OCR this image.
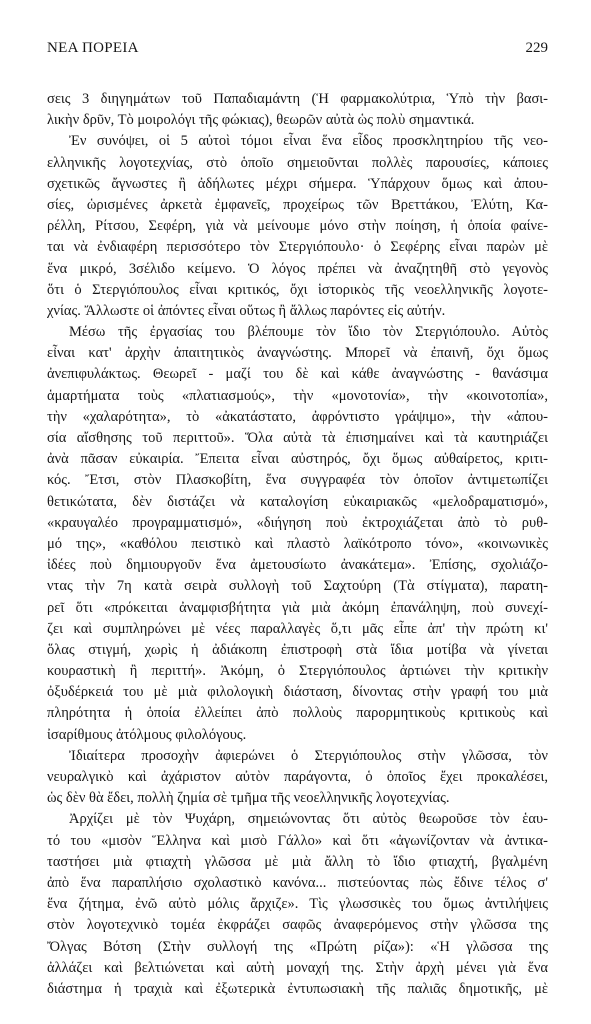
ΝΕΑ ΠΟΡΕΙΑ	229
σεις 3 διηγημάτων τοῦ Παπαδιαμάντη (Ἡ φαρμακολύτρια, Ὑπὸ τὴν βασι-
λικὴν δρῦν, Τὸ μοιρολόγι τῆς φώκιας), θεωρῶν αὐτὰ ὡς πολὺ σημαντικά.
Ἐν συνόψει, οἱ 5 αὐτοὶ τόμοι εἶναι ἕνα εἶδος προσκλητηρίου τῆς νεο-
ελληνικῆς λογοτεχνίας, στὸ ὁποῖο σημειοῦνται πολλὲς παρουσίες, κάποιες
σχετικῶς ἄγνωστες ἢ ἀδήλωτες μέχρι σήμερα. Ὑπάρχουν ὅμως καὶ ἀπου-
σίες, ὡρισμένες ἀρκετὰ ἐμφανεῖς, προχείρως τῶν Βρεττάκου, Ἐλύτη, Κα-
ρέλλη, Ρίτσου, Σεφέρη, γιὰ νὰ μείνουμε μόνο στὴν ποίηση, ἡ ὁποία φαίνε-
ται νὰ ἐνδιαφέρη περισσότερο τὸν Στεργιόπουλο· ὁ Σεφέρης εἶναι παρὼν μὲ
ἕνα μικρό, 3σέλιδο κείμενο. Ὁ λόγος πρέπει νὰ ἀναζητηθῆ στὸ γεγονὸς
ὅτι ὁ Στεργιόπουλος εἶναι κριτικός, ὄχι ἱστορικὸς τῆς νεοελληνικῆς λογοτε-
χνίας. Ἄλλωστε οἱ ἀπόντες εἶναι οὕτως ἢ ἄλλως παρόντες εἰς αὐτήν.
Μέσω τῆς ἐργασίας του βλέπουμε τὸν ἴδιο τὸν Στεργιόπουλο. Αὐτὸς
εἶναι κατ' ἀρχὴν ἀπαιτητικὸς ἀναγνώστης. Μπορεῖ νὰ ἐπαινῆ, ὄχι ὅμως
ἀνεπιφυλάκτως. Θεωρεῖ - μαζί του δὲ καὶ κάθε ἀναγνώστης - θανάσιμα
ἁμαρτήματα τοὺς «πλατιασμούς», τὴν «μονοτονία», τὴν «κοινοτοπία»,
τὴν «χαλαρότητα», τὸ «ἀκατάστατο, ἀφρόντιστο γράψιμο», τὴν «ἀπου-
σία αἴσθησης τοῦ περιττοῦ». Ὅλα αὐτὰ τὰ ἐπισημαίνει καὶ τὰ καυτηριάζει
ἀνὰ πᾶσαν εὐκαιρία. Ἔπειτα εἶναι αὐστηρός, ὄχι ὅμως αὐθαίρετος, κριτι-
κός. Ἔτσι, στὸν Πλασκοβίτη, ἕνα συγγραφέα τὸν ὁποῖον ἀντιμετωπίζει
θετικώτατα, δὲν διστάζει νὰ καταλογίση εὐκαιριακῶς «μελοδραματισμό»,
«κραυγαλέο προγραμματισμό», «διήγηση ποὺ ἐκτροχιάζεται ἀπὸ τὸ ρυθ-
μό της», «καθόλου πειστικὸ καὶ πλαστὸ λαϊκότροπο τόνο», «κοινωνικὲς
ἰδέες ποὺ δημιουργοῦν ἕνα ἀμετουσίωτο ἀνακάτεμα». Ἐπίσης, σχολιάζο-
ντας τὴν 7η κατὰ σειρὰ συλλογὴ τοῦ Σαχτούρη (Τὰ στίγματα), παρατη-
ρεῖ ὅτι «πρόκειται ἀναμφισβήτητα γιὰ μιὰ ἀκόμη ἐπανάληψη, ποὺ συνεχί-
ζει καὶ συμπληρώνει μὲ νέες παραλλαγὲς ὅ,τι μᾶς εἶπε ἀπ' τὴν πρώτη κι'
ὅλας στιγμή, χωρὶς ἡ ἀδιάκοπη ἐπιστροφὴ στὰ ἴδια μοτίβα νὰ γίνεται
κουραστικὴ ἢ περιττή». Ἀκόμη, ὁ Στεργιόπουλος ἀρτιώνει τὴν κριτικὴν
ὀξυδέρκειά του μὲ μιὰ φιλολογικὴ διάσταση, δίνοντας στὴν γραφή του μιὰ
πληρότητα ἡ ὁποία ἐλλείπει ἀπὸ πολλοὺς παρορμητικοὺς κριτικοὺς καὶ
ἰσαρίθμους ἀτόλμους φιλολόγους.
Ἰδιαίτερα προσοχὴν ἀφιερώνει ὁ Στεργιόπουλος στὴν γλῶσσα, τὸν
νευραλγικὸ καὶ ἀχάριστον αὐτὸν παράγοντα, ὁ ὁποῖος ἔχει προκαλέσει,
ὡς δὲν θὰ ἔδει, πολλὴ ζημία σὲ τμῆμα τῆς νεοελληνικῆς λογοτεχνίας.
Ἀρχίζει μὲ τὸν Ψυχάρη, σημειώνοντας ὅτι αὐτὸς θεωροῦσε τὸν ἑαυ-
τό του «μισὸν Ἕλληνα καὶ μισὸ Γάλλο» καὶ ὅτι «ἀγωνίζονταν νὰ ἀντικα-
ταστήσει μιὰ φτιαχτὴ γλῶσσα μὲ μιὰ ἄλλη τὸ ἴδιο φτιαχτή, βγαλμένη
ἀπὸ ἕνα παραπλήσιο σχολαστικὸ κανόνα... πιστεύοντας πὼς ἔδινε τέλος σ'
ἕνα ζήτημα, ἐνῶ αὐτὸ μόλις ἄρχιζε». Τὶς γλωσσικὲς του ὅμως ἀντιλήψεις
στὸν λογοτεχνικὸ τομέα ἐκφράζει σαφῶς ἀναφερόμενος στὴν γλῶσσα της
Ὄλγας Βότση (Στὴν συλλογή της «Πρώτη ρίζα»): «Ἡ γλῶσσα της
ἀλλάζει καὶ βελτιώνεται καὶ αὐτὴ μοναχή της. Στὴν ἀρχὴ μένει γιὰ ἕνα
διάστημα ἡ τραχιὰ καὶ ἐξωτερικὰ ἐντυπωσιακὴ τῆς παλιᾶς δημοτικῆς, μὲ
